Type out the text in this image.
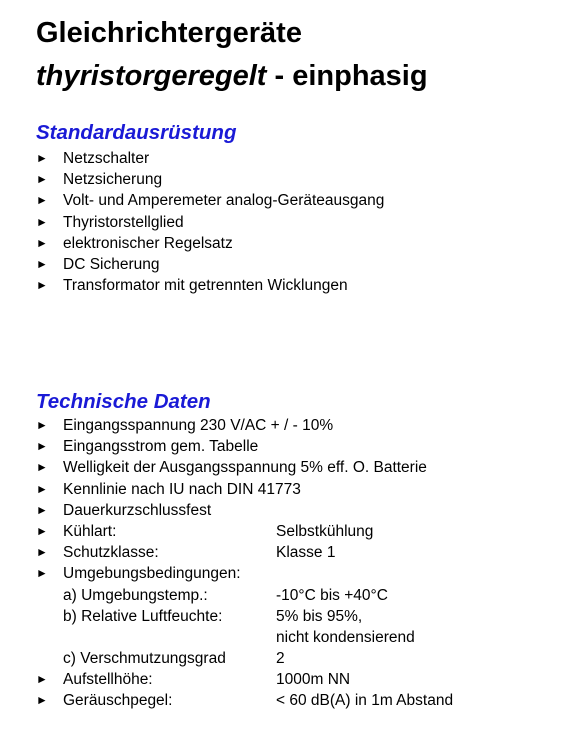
Gleichrichtergeräte
thyristorgeregelt - einphasig
Standardausrüstung
► Netzschalter
► Netzsicherung
► Volt- und Amperemeter analog-Geräteausgang
► Thyristorstellglied
► elektronischer Regelsatz
► DC Sicherung
► Transformator mit getrennten Wicklungen
Technische Daten
► Eingangsspannung 230 V/AC + / - 10%
► Eingangsstrom gem. Tabelle
► Welligkeit der Ausgangsspannung 5% eff. O. Batterie
► Kennlinie nach IU nach DIN 41773
► Dauerkurzschlussfest
► Kühlart:	Selbstkühlung
► Schutzklasse:	Klasse 1
► Umgebungsbedingungen:
a) Umgebungstemp.:	-10°C bis +40°C
b) Relative Luftfeuchte:	5% bis 95%,
nicht kondensierend
c) Verschmutzungsgrad	2
► Aufstellhöhe:	1000m NN
► Geräuschpegel:	< 60 dB(A) in 1m Abstand
